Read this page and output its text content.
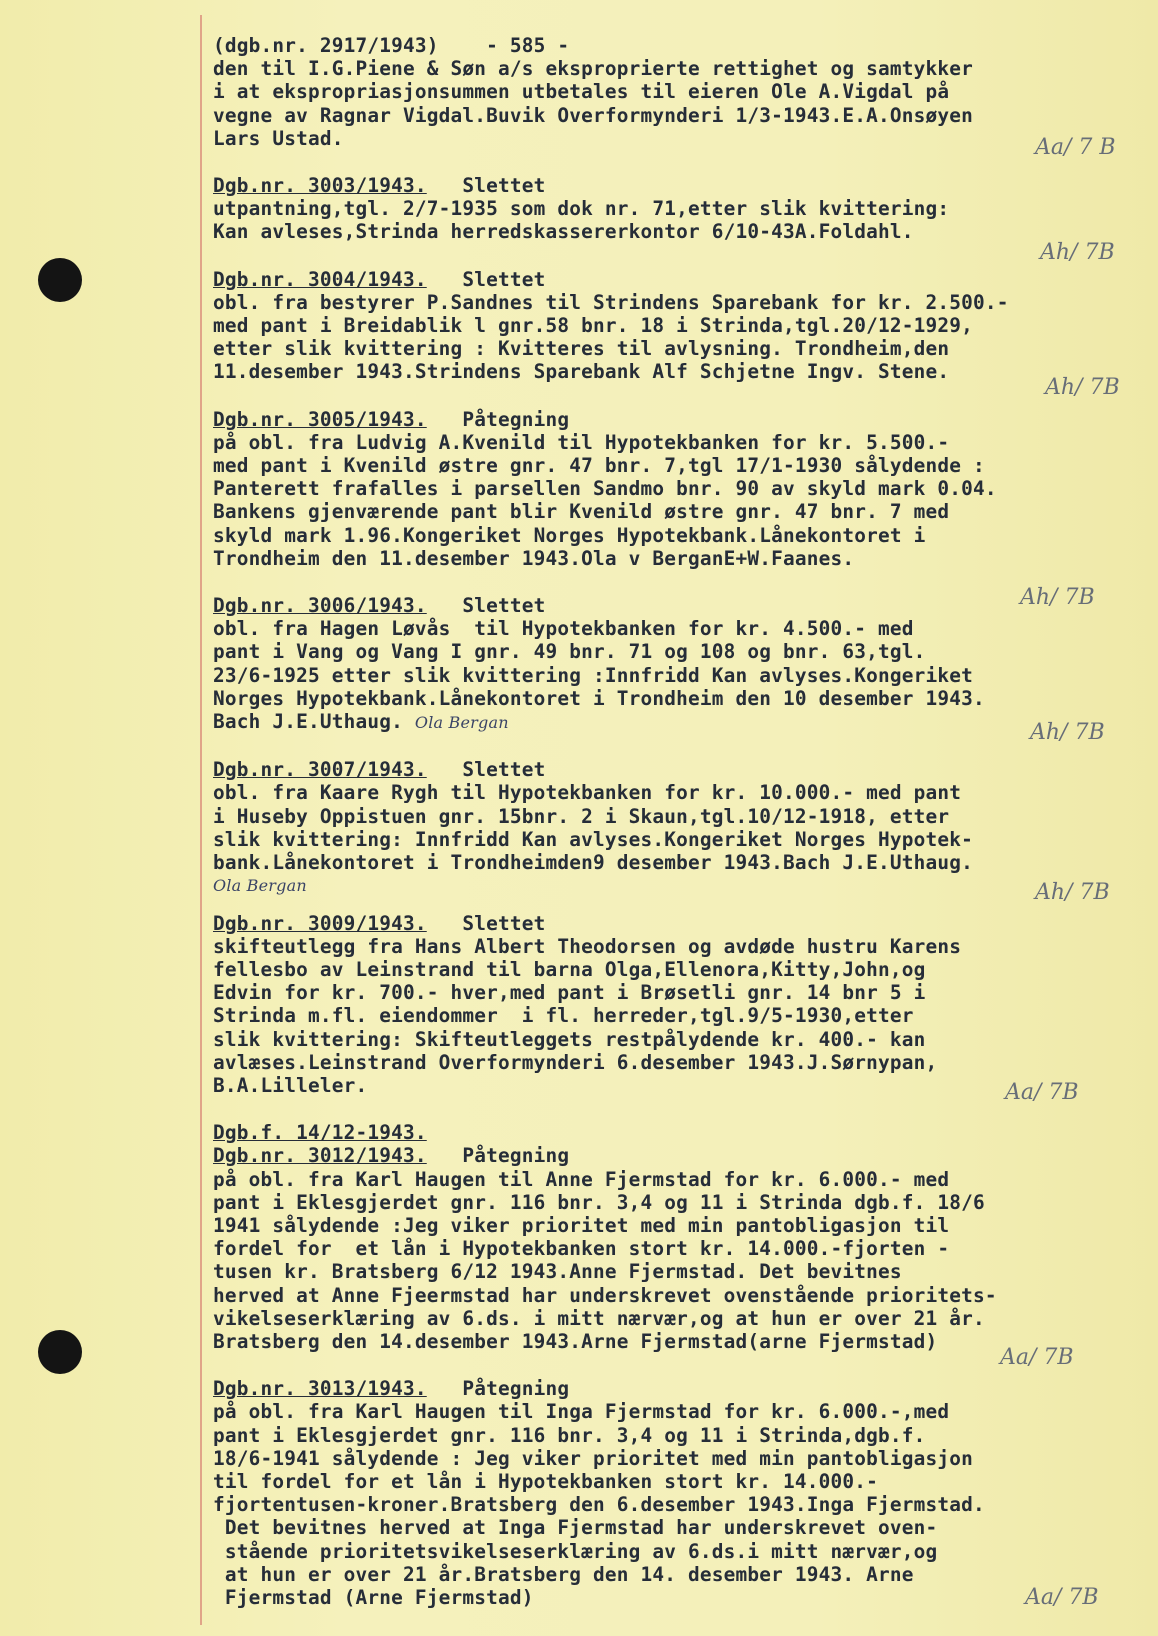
Aa/ 7 B
Ah/ 7B
Ah/ 7B
Ah/ 7B
Ah/ 7B
Ah/ 7B
Aa/ 7B
Aa/ 7B
Aa/ 7B
(dgb.nr. 2917/1943) - 585 -
den til I.G.Piene & Søn a/s eksproprierte rettighet og samtykker
i at ekspropriasjonsummen utbetales til eieren Ole A.Vigdal på
vegne av Ragnar Vigdal.Buvik Overformynderi 1/3-1943.E.A.Onsøyen
Lars Ustad.
Dgb.nr. 3003/1943. Slettet
utpantning,tgl. 2/7-1935 som dok nr. 71,etter slik kvittering:
Kan avleses,Strinda herredskassererkontor 6/10-43A.Foldahl.
Dgb.nr. 3004/1943. Slettet
obl. fra bestyrer P.Sandnes til Strindens Sparebank for kr. 2.500.-
med pant i Breidablik l gnr.58 bnr. 18 i Strinda,tgl.20/12-1929,
etter slik kvittering : Kvitteres til avlysning. Trondheim,den
11.desember 1943.Strindens Sparebank Alf Schjetne Ingv. Stene.
Dgb.nr. 3005/1943. Påtegning
på obl. fra Ludvig A.Kvenild til Hypotekbanken for kr. 5.500.-
med pant i Kvenild østre gnr. 47 bnr. 7,tgl 17/1-1930 sålydende :
Panterett frafalles i parsellen Sandmo bnr. 90 av skyld mark 0.04.
Bankens gjenværende pant blir Kvenild østre gnr. 47 bnr. 7 med
skyld mark 1.96.Kongeriket Norges Hypotekbank.Lånekontoret i
Trondheim den 11.desember 1943.Ola v BerganE+W.Faanes.
Dgb.nr. 3006/1943. Slettet
obl. fra Hagen Løvås  til Hypotekbanken for kr. 4.500.- med
pant i Vang og Vang I gnr. 49 bnr. 71 og 108 og bnr. 63,tgl.
23/6-1925 etter slik kvittering :Innfridd Kan avlyses.Kongeriket
Norges Hypotekbank.Lånekontoret i Trondheim den 10 desember 1943.
Bach J.E.Uthaug. Ola Bergan
Dgb.nr. 3007/1943. Slettet
obl. fra Kaare Rygh til Hypotekbanken for kr. 10.000.- med pant
i Huseby Oppistuen gnr. 15bnr. 2 i Skaun,tgl.10/12-1918, etter
slik kvittering: Innfridd Kan avlyses.Kongeriket Norges Hypotek-
bank.Lånekontoret i Trondheimden9 desember 1943.Bach J.E.Uthaug.
Ola Bergan
Dgb.nr. 3009/1943. Slettet
skifteutlegg fra Hans Albert Theodorsen og avdøde hustru Karens
fellesbo av Leinstrand til barna Olga,Ellenora,Kitty,John,og
Edvin for kr. 700.- hver,med pant i Brøsetli gnr. 14 bnr 5 i
Strinda m.fl. eiendommer  i fl. herreder,tgl.9/5-1930,etter
slik kvittering: Skifteutleggets restpålydende kr. 400.- kan
avlæses.Leinstrand Overformynderi 6.desember 1943.J.Sørnypan,
B.A.Lilleler.
Dgb.f. 14/12-1943.
Dgb.nr. 3012/1943. Påtegning
på obl. fra Karl Haugen til Anne Fjermstad for kr. 6.000.- med
pant i Eklesgjerdet gnr. 116 bnr. 3,4 og 11 i Strinda dgb.f. 18/6
1941 sålydende :Jeg viker prioritet med min pantobligasjon til
fordel for  et lån i Hypotekbanken stort kr. 14.000.-fjorten -
tusen kr. Bratsberg 6/12 1943.Anne Fjermstad. Det bevitnes
herved at Anne Fjeermstad har underskrevet ovenstående prioritets-
vikelseserklæring av 6.ds. i mitt nærvær,og at hun er over 21 år.
Bratsberg den 14.desember 1943.Arne Fjermstad(arne Fjermstad)
Dgb.nr. 3013/1943. Påtegning
på obl. fra Karl Haugen til Inga Fjermstad for kr. 6.000.-,med
pant i Eklesgjerdet gnr. 116 bnr. 3,4 og 11 i Strinda,dgb.f.
18/6-1941 sålydende : Jeg viker prioritet med min pantobligasjon
til fordel for et lån i Hypotekbanken stort kr. 14.000.-
fjortentusen-kroner.Bratsberg den 6.desember 1943.Inga Fjermstad.
Det bevitnes herved at Inga Fjermstad har underskrevet oven-
stående prioritetsvikelseserklæring av 6.ds.i mitt nærvær,og
at hun er over 21 år.Bratsberg den 14. desember 1943. Arne
Fjermstad (Arne Fjermstad)
